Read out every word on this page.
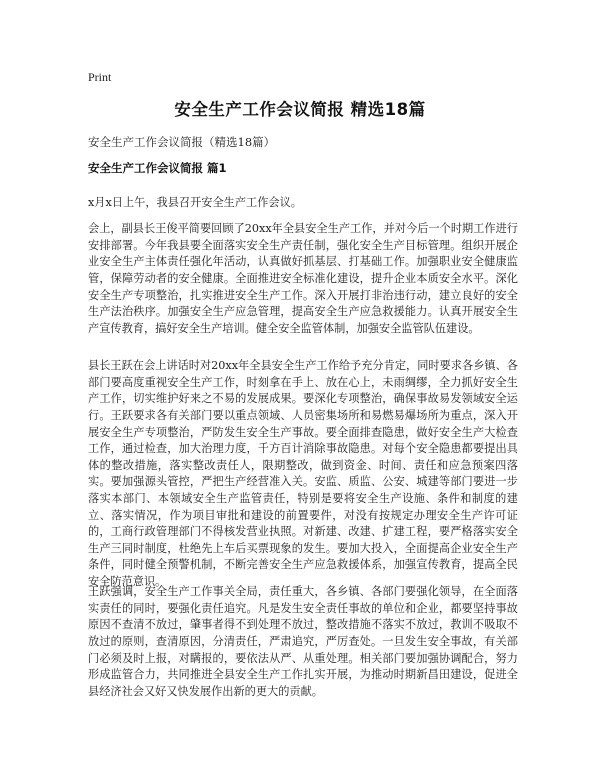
Print
安全生产工作会议简报 精选18篇
安全生产工作会议简报（精选18篇）
安全生产工作会议简报 篇1

x月x日上午，我县召开安全生产工作会议。

会上，副县长王俊平简要回顾了20xx年全县安全生产工作，并对今后一个时期工作进行安排部署。今年我县要全面落实安全生产责任制，强化安全生产目标管理。组织开展企业安全生产主体责任强化年活动，认真做好抓基层、打基础工作。加强职业安全健康监管，保障劳动者的安全健康。全面推进安全标准化建设，提升企业本质安全水平。深化安全生产专项整治，扎实推进安全生产工作。深入开展打非治违行动，建立良好的安全生产法治秩序。加强安全生产应急管理，提高安全生产应急救援能力。认真开展安全生产宣传教育，搞好安全生产培训。健全安全监管体制，加强安全监管队伍建设。

县长王跃在会上讲话时对20xx年全县安全生产工作给予充分肯定，同时要求各乡镇、各部门要高度重视安全生产工作，时刻拿在手上、放在心上，未雨绸缪，全力抓好安全生产工作，切实维护好来之不易的发展成果。要深化专项整治，确保事故易发领域安全运行。王跃要求各有关部门要以重点领域、人员密集场所和易燃易爆场所为重点，深入开展安全生产专项整治，严防发生安全生产事故。要全面排查隐患，做好安全生产大检查工作，通过检查，加大治理力度，千方百计消除事故隐患。对每个安全隐患都要提出具体的整改措施，落实整改责任人，限期整改，做到资金、时间、责任和应急预案四落实。要加强源头管控，严把生产经营准入关。安监、质监、公安、城建等部门要进一步落实本部门、本领域安全生产监管责任，特别是要将安全生产设施、条件和制度的建立、落实情况，作为项目审批和建设的前置要件，对没有按规定办理安全生产许可证的，工商行政管理部门不得核发营业执照。对新建、改建、扩建工程，要严格落实安全生产三同时制度，杜绝先上车后买票现象的发生。要加大投入，全面提高企业安全生产条件，同时健全预警机制，不断完善安全生产应急救援体系，加强宣传教育，提高全民安全防范意识。

王跃强调，安全生产工作事关全局，责任重大，各乡镇、各部门要强化领导，在全面落实责任的同时，要强化责任追究。凡是发生安全责任事故的单位和企业，都要坚持事故原因不查清不放过，肇事者得不到处理不放过，整改措施不落实不放过，教训不吸取不放过的原则，查清原因，分清责任，严肃追究，严厉查处。一旦发生安全事故，有关部门必须及时上报，对瞒报的，要依法从严、从重处理。相关部门要加强协调配合，努力形成监管合力，共同推进全县安全生产工作扎实开展，为推动时期新昌田建设，促进全县经济社会又好又快发展作出新的更大的贡献。
